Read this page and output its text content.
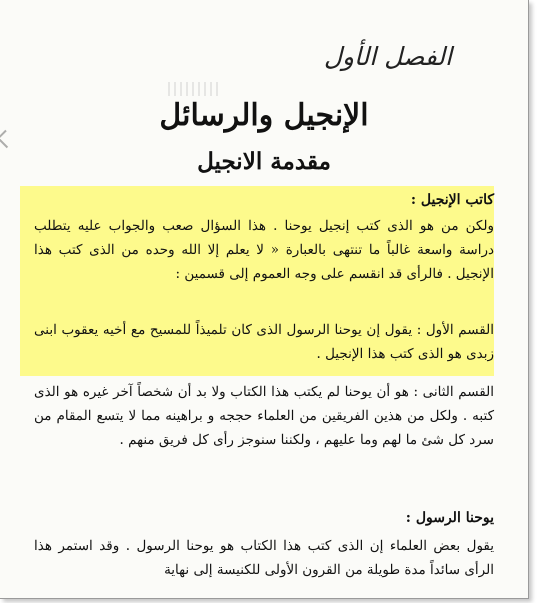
الفصل الأول
الإنجيل والرسائل
مقدمة الانجيل
كاتب الإنجيل :
ولكن من هو الذى كتب إنجيل يوحنا . هذا السؤال صعب والجواب عليه يتطلب دراسة واسعة غالباً ما تنتهى بالعبارة « لا يعلم إلا الله وحده من الذى كتب هذا الإنجيل . فالرأى قد انقسم على وجه العموم إلى قسمين :
القسم الأول : يقول إن يوحنا الرسول الذى كان تلميذاً للمسيح مع أخيه يعقوب ابنى زبدى هو الذى كتب هذا الإنجيل .
القسم الثانى : هو أن يوحنا لم يكتب هذا الكتاب ولا بد أن شخصاً آخر غيره هو الذى كتبه . ولكل من هذين الفريقين من العلماء حججه و براهينه مما لا يتسع المقام من سرد كل شئ ما لهم وما عليهم ، ولكننا سنوجز رأى كل فريق منهم .
يوحنا الرسول :
يقول بعض العلماء إن الذى كتب هذا الكتاب هو يوحنا الرسول . وقد استمر هذا الرأى سائداً مدة طويلة من القرون الأولى للكنيسة إلى نهاية
